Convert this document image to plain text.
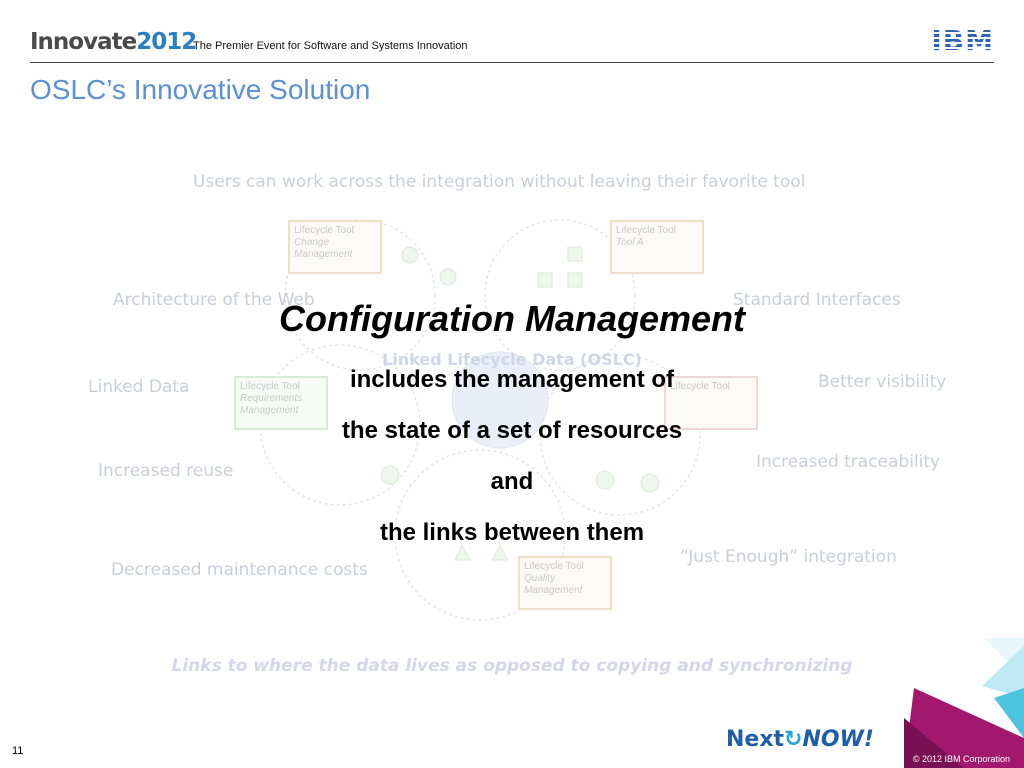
Innovate2012
The Premier Event for Software and Systems Innovation	IBM
OSLC’s Innovative Solution
Lifecycle Tool
Change Management
Lifecycle Tool
Tool A
Lifecycle Tool
Requirements Management
Lifecycle Tool
Lifecycle Tool
Quality Management
Linked Lifecycle Data (OSLC)
Users can work across the integration without leaving their favorite tool
Architecture of the Web
Linked Data
Increased reuse
Decreased maintenance costs
Standard Interfaces
Better visibility
Increased traceability
“Just Enough” integration
Configuration Management
includes the management of
the state of a set of resources
and
the links between them
Links to where the data lives as opposed to copying and synchronizing
11	Next↻NOW!
© 2012 IBM Corporation
